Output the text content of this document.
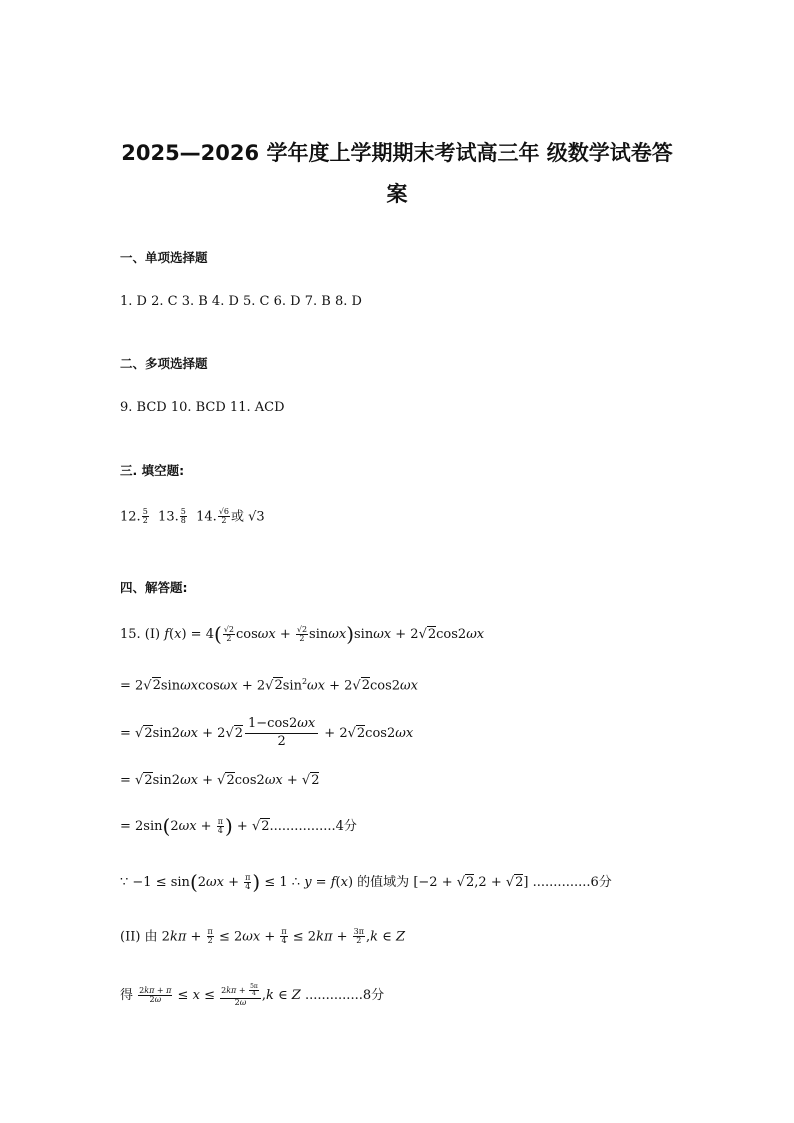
2025—2026 学年度上学期期末考试高三年 级数学试卷答
案
一、单项选择题
1. D 2. C 3. B 4. D 5. C 6. D 7. B 8. D
二、多项选择题
9. BCD 10. BCD 11. ACD
三. 填空题:
12. $\frac{5}{2} 13$. $\frac{5}{8} 14$. $\frac{√6}{2}$ 或 √3
四、解答题:
15. (I) $f(x) = 4( \frac{√2}{2}$ $\cos\omega x + \frac{√2}{2} \sin\omega x)\sin\omega x + 2√2\cos 2\omega x$
= $2√2\sin\omega xcos\omega x + 2√2\sin^2\omega x + 2√2\cos 2\omega x$
= $√2\sin 2\omega x + 2√2 \frac{1-\cos 2\omega x}{2} + 2√2\cos 2\omega x$
= √2sin2ωx + √2cos2ωx + √2
= $2\sin(2\omega x + \frac{\pi}{4}$ ) + √2................4分
∵ $-1 \le \sin(2\omega x + \frac{\pi}{4}$ ) ≤ 1 ∴ y = f(x) 的值域为 [−2 + √2,2 + √2] ..............6分
(II) 由 $2k\pi + \frac{\pi}{2} \le 2\omega x + \frac{\pi}{4} \le 2k\pi + \frac{3\pi}{2} ,k$ ∈ Z
得 $\frac{2k\pi + \pi}{2\omega} \le x \le \frac{2k\pi + \frac{5\pi}{4}}{2\omega} ,k$ ∈ Z ..............8分
